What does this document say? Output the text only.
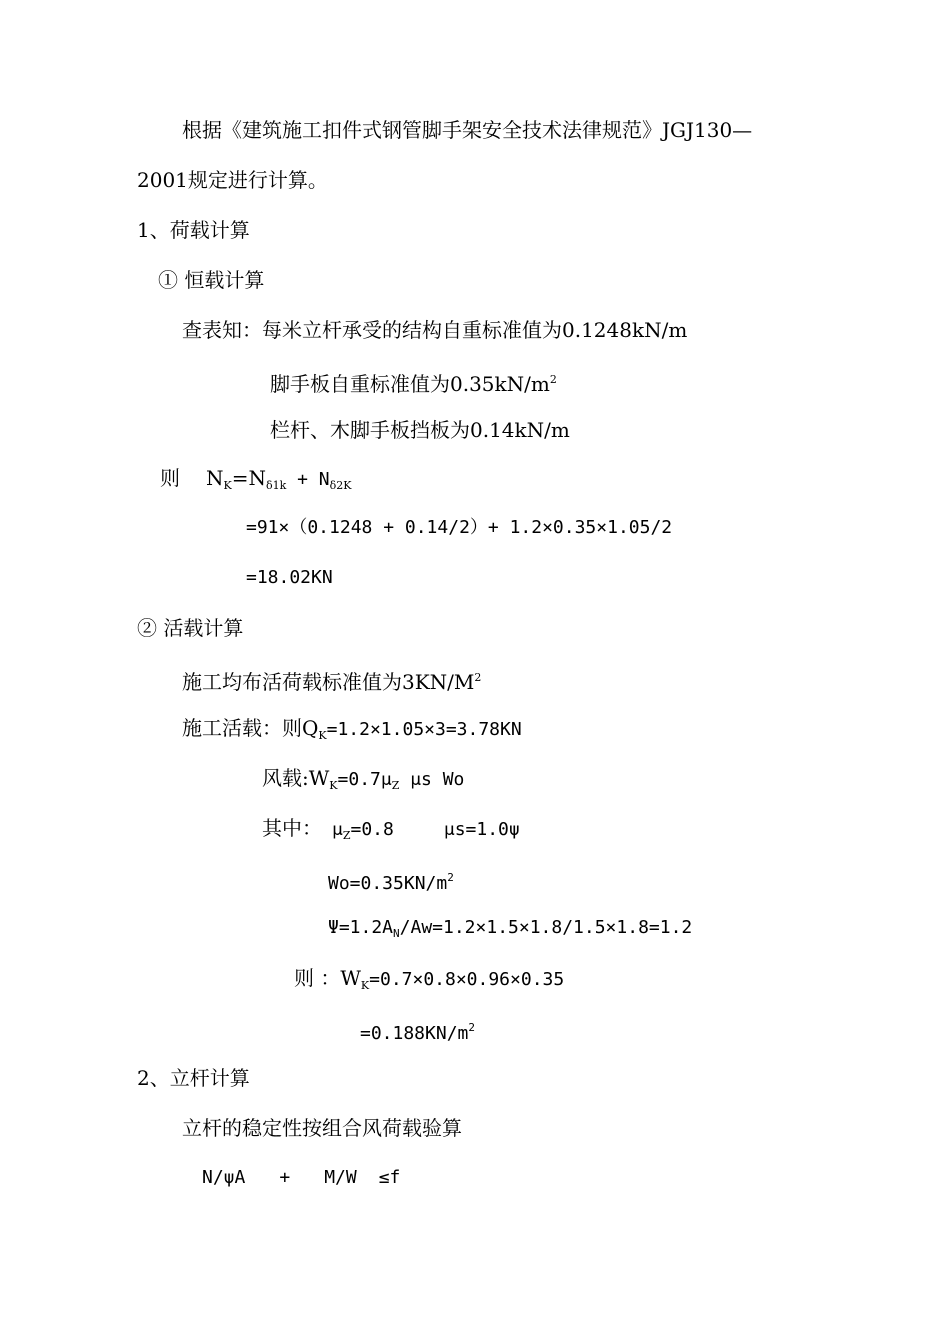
根据《建筑施工扣件式钢管脚手架安全技术法律规范》JGJ130—
2001规定进行计算。
1、荷载计算
① 恒载计算
查表知：每米立杆承受的结构自重标准值为0.1248kN/m
脚手板自重标准值为$0.35kN/m^2$
栏杆、木脚手板挡板为0.14kN/m
则 $N_K=N_{\delta 1k} + N_{\delta 2K}$
=91×（0.1248 + 0.14/2）+ 1.2×0.35×1.05/2
=18.02KN
② 活载计算
施工均布活荷载标准值为$3KN/M^2$
施工活载：则$Q_K=1.2\times 1.05\times 3=3.78KN$
风载$:W_K=0.7\mu_Z$ μs Wo
其中： $\mu_Z=0.8$	μs=1.0ψ
$Wo=0.35KN/m^2$
$\Psi=1.2A_N/Aw=1.2\times 1.5\times 1.8/1.5\times 1.8=1.2$
则 ：$W_K=0.7\times 0.8\times 0.96\times 0.35$
$=0.188KN/m^2$
2、立杆计算
立杆的稳定性按组合风荷载验算
N/ψA + M/W ≤f
